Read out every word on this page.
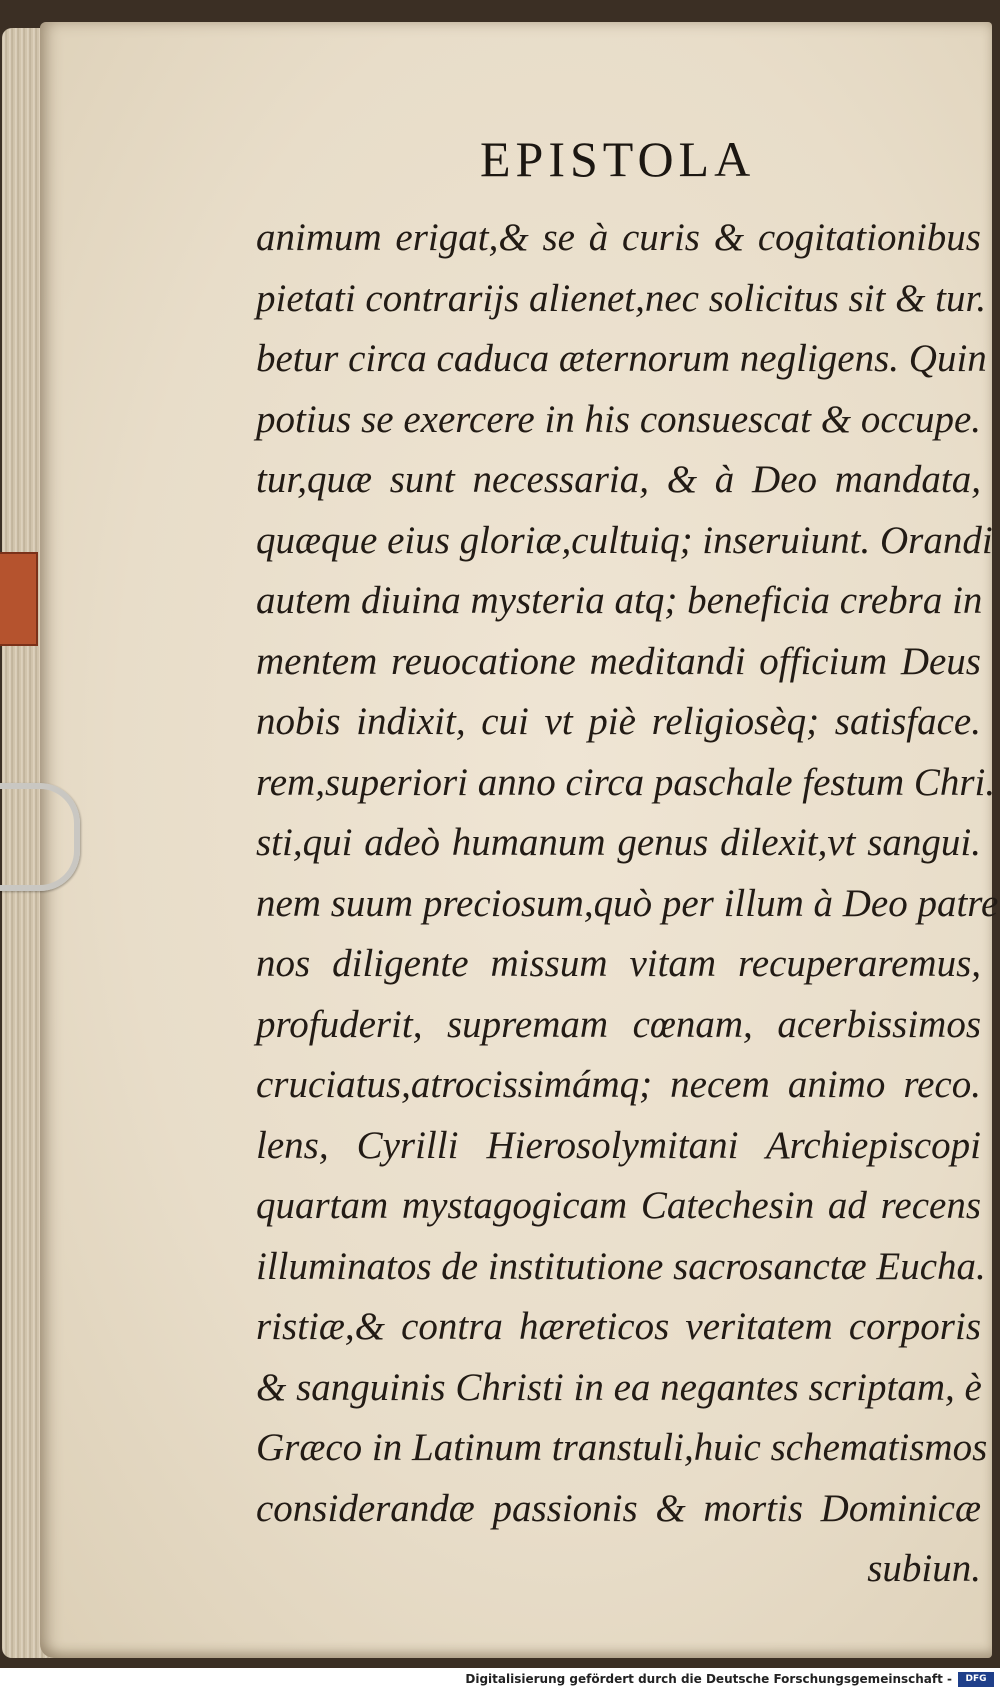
EPISTOLA
animum erigat,& se à curis & cogitationibus
pietati contrarijs alienet,nec solicitus sit & tur.
betur circa caduca æternorum negligens. Quin
potius se exercere in his consuescat & occupe.
tur,quæ sunt necessaria, & à Deo mandata,
quæque eius gloriæ,cultuiq; inseruiunt. Orandi
autem diuina mysteria atq; beneficia crebra in
mentem reuocatione meditandi officium Deus
nobis indixit, cui vt piè religiosèq; satisface.
rem,superiori anno circa paschale festum Chri.
sti,qui adeò humanum genus dilexit,vt sangui.
nem suum preciosum,quò per illum à Deo patre
nos diligente missum vitam recuperaremus,
profuderit, supremam cœnam, acerbissimos
cruciatus,atrocissimámq; necem animo reco.
lens, Cyrilli Hierosolymitani Archiepiscopi
quartam mystagogicam Catechesin ad recens
illuminatos de institutione sacrosanctæ Eucha.
ristiæ,& contra hæreticos veritatem corporis
& sanguinis Christi in ea negantes scriptam, è
Græco in Latinum transtuli,huic schematismos
considerandæ passionis & mortis Dominicæ
subiun.
Digitalisierung gefördert durch die Deutsche Forschungsgemeinschaft -	DFG
